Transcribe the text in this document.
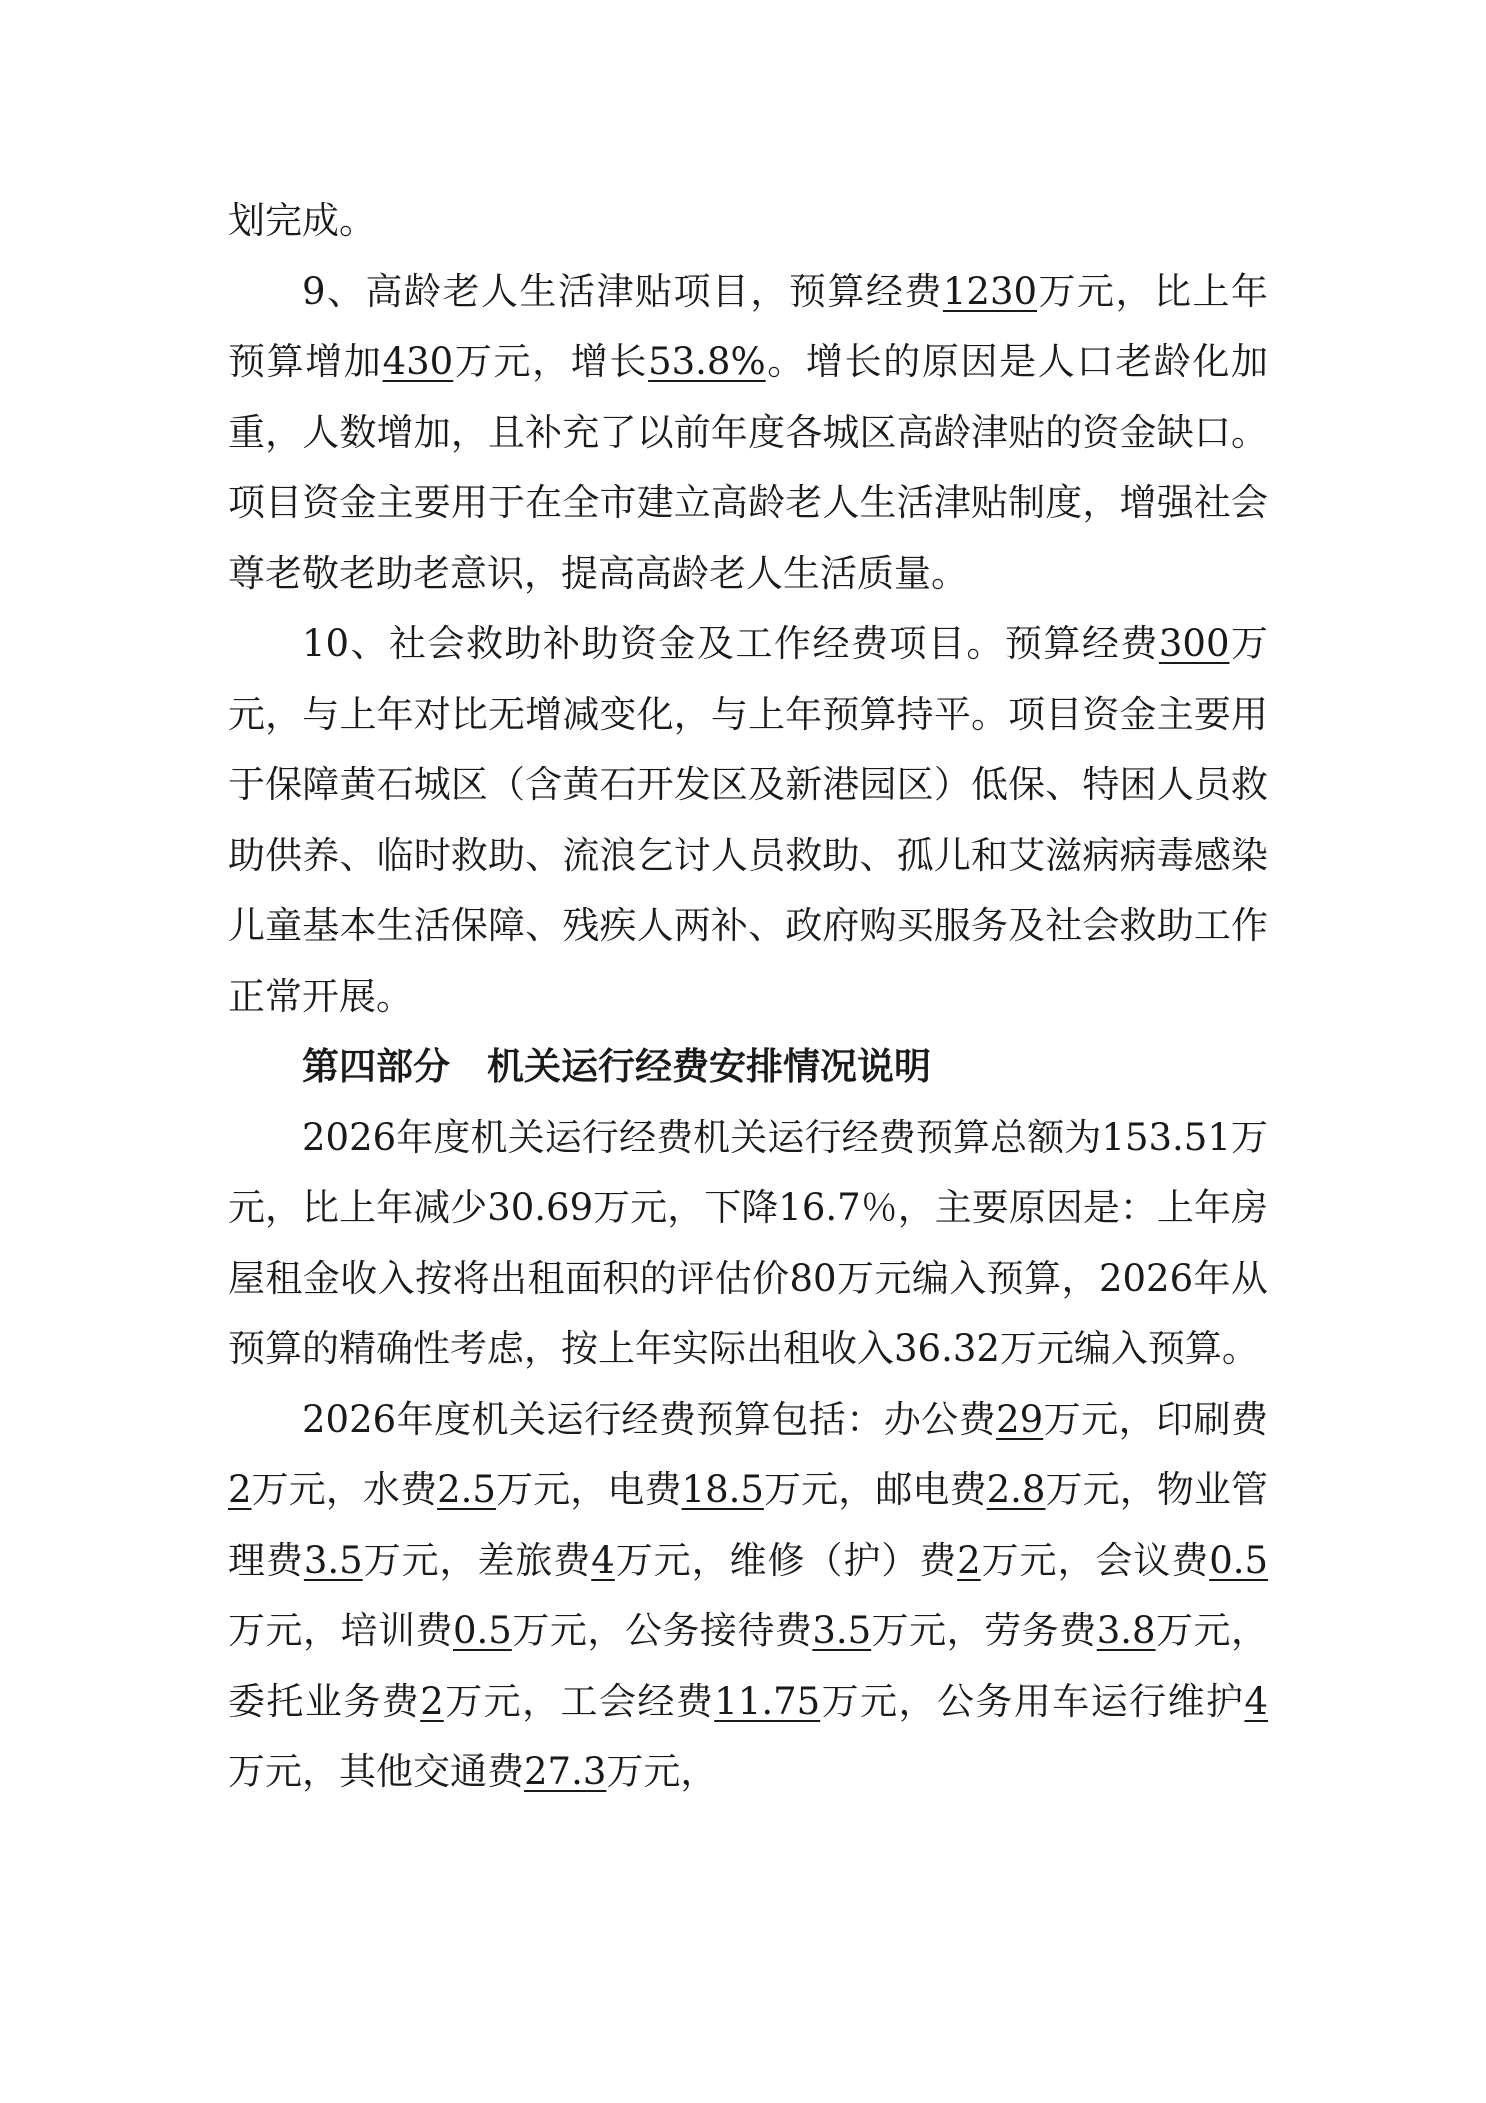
划完成。

9、高龄老人生活津贴项目，预算经费1230万元，比上年预算增加430万元，增长53.8%。增长的原因是人口老龄化加重，人数增加，且补充了以前年度各城区高龄津贴的资金缺口。项目资金主要用于在全市建立高龄老人生活津贴制度，增强社会尊老敬老助老意识，提高高龄老人生活质量。

10、社会救助补助资金及工作经费项目。预算经费300万元，与上年对比无增减变化，与上年预算持平。项目资金主要用于保障黄石城区（含黄石开发区及新港园区）低保、特困人员救助供养、临时救助、流浪乞讨人员救助、孤儿和艾滋病病毒感染儿童基本生活保障、残疾人两补、政府购买服务及社会救助工作正常开展。

第四部分　机关运行经费安排情况说明

2026年度机关运行经费机关运行经费预算总额为153.51万元，比上年减少30.69万元，下降16.7％，主要原因是：上年房屋租金收入按将出租面积的评估价80万元编入预算，2026年从预算的精确性考虑，按上年实际出租收入36.32万元编入预算。

2026年度机关运行经费预算包括：办公费29万元，印刷费2万元，水费2.5万元，电费18.5万元，邮电费2.8万元，物业管理费3.5万元，差旅费4万元，维修（护）费2万元，会议费0.5万元，培训费0.5万元，公务接待费3.5万元，劳务费3.8万元，委托业务费2万元，工会经费11.75万元，公务用车运行维护4万元，其他交通费27.3万元，
